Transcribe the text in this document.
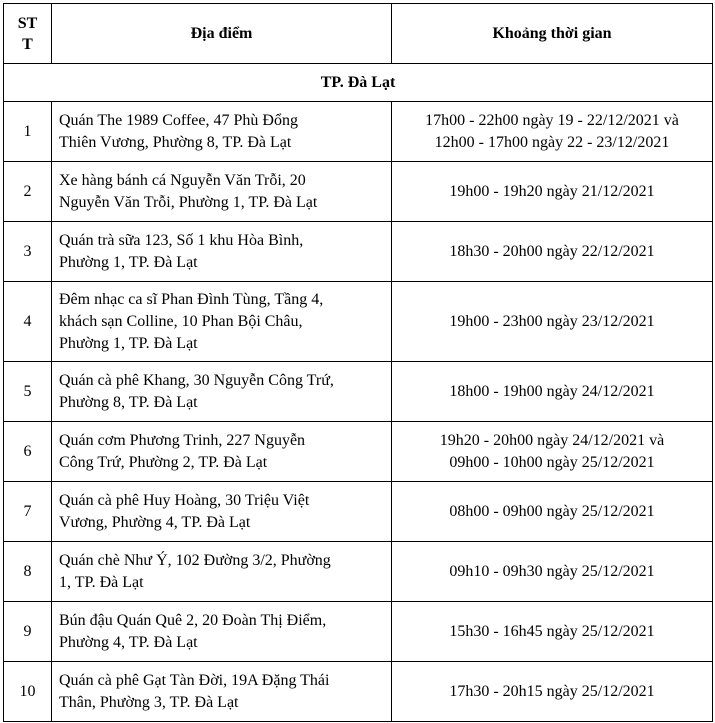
ST
T	Địa điểm	Khoảng thời gian
TP. Đà Lạt		
1	Quán The 1989 Coffee, 47 Phù Đổng
Thiên Vương, Phường 8, TP. Đà Lạt	17h00 - 22h00 ngày 19 - 22/12/2021 và
12h00 - 17h00 ngày 22 - 23/12/2021

2	Xe hàng bánh cá Nguyễn Văn Trỗi, 20
Nguyễn Văn Trỗi, Phường 1, TP. Đà Lạt	19h00 - 19h20 ngày 21/12/2021

3	Quán trà sữa 123, Số 1 khu Hòa Bình,
Phường 1, TP. Đà Lạt	18h30 - 20h00 ngày 22/12/2021

4	Đêm nhạc ca sĩ Phan Đình Tùng, Tầng 4,
khách sạn Colline, 10 Phan Bội Châu,
Phường 1, TP. Đà Lạt	19h00 - 23h00 ngày 23/12/2021

5	Quán cà phê Khang, 30 Nguyễn Công Trứ,
Phường 8, TP. Đà Lạt	18h00 - 19h00 ngày 24/12/2021

6	Quán cơm Phương Trinh, 227 Nguyễn
Công Trứ, Phường 2, TP. Đà Lạt	19h20 - 20h00 ngày 24/12/2021 và
09h00 - 10h00 ngày 25/12/2021

7	Quán cà phê Huy Hoàng, 30 Triệu Việt
Vương, Phường 4, TP. Đà Lạt	08h00 - 09h00 ngày 25/12/2021

8	Quán chè Như Ý, 102 Đường 3/2, Phường
1, TP. Đà Lạt	09h10 - 09h30 ngày 25/12/2021

9	Bún đậu Quán Quê 2, 20 Đoàn Thị Điểm,
Phường 4, TP. Đà Lạt	15h30 - 16h45 ngày 25/12/2021

10	Quán cà phê Gạt Tàn Đời, 19A Đặng Thái
Thân, Phường 3, TP. Đà Lạt	17h30 - 20h15 ngày 25/12/2021
